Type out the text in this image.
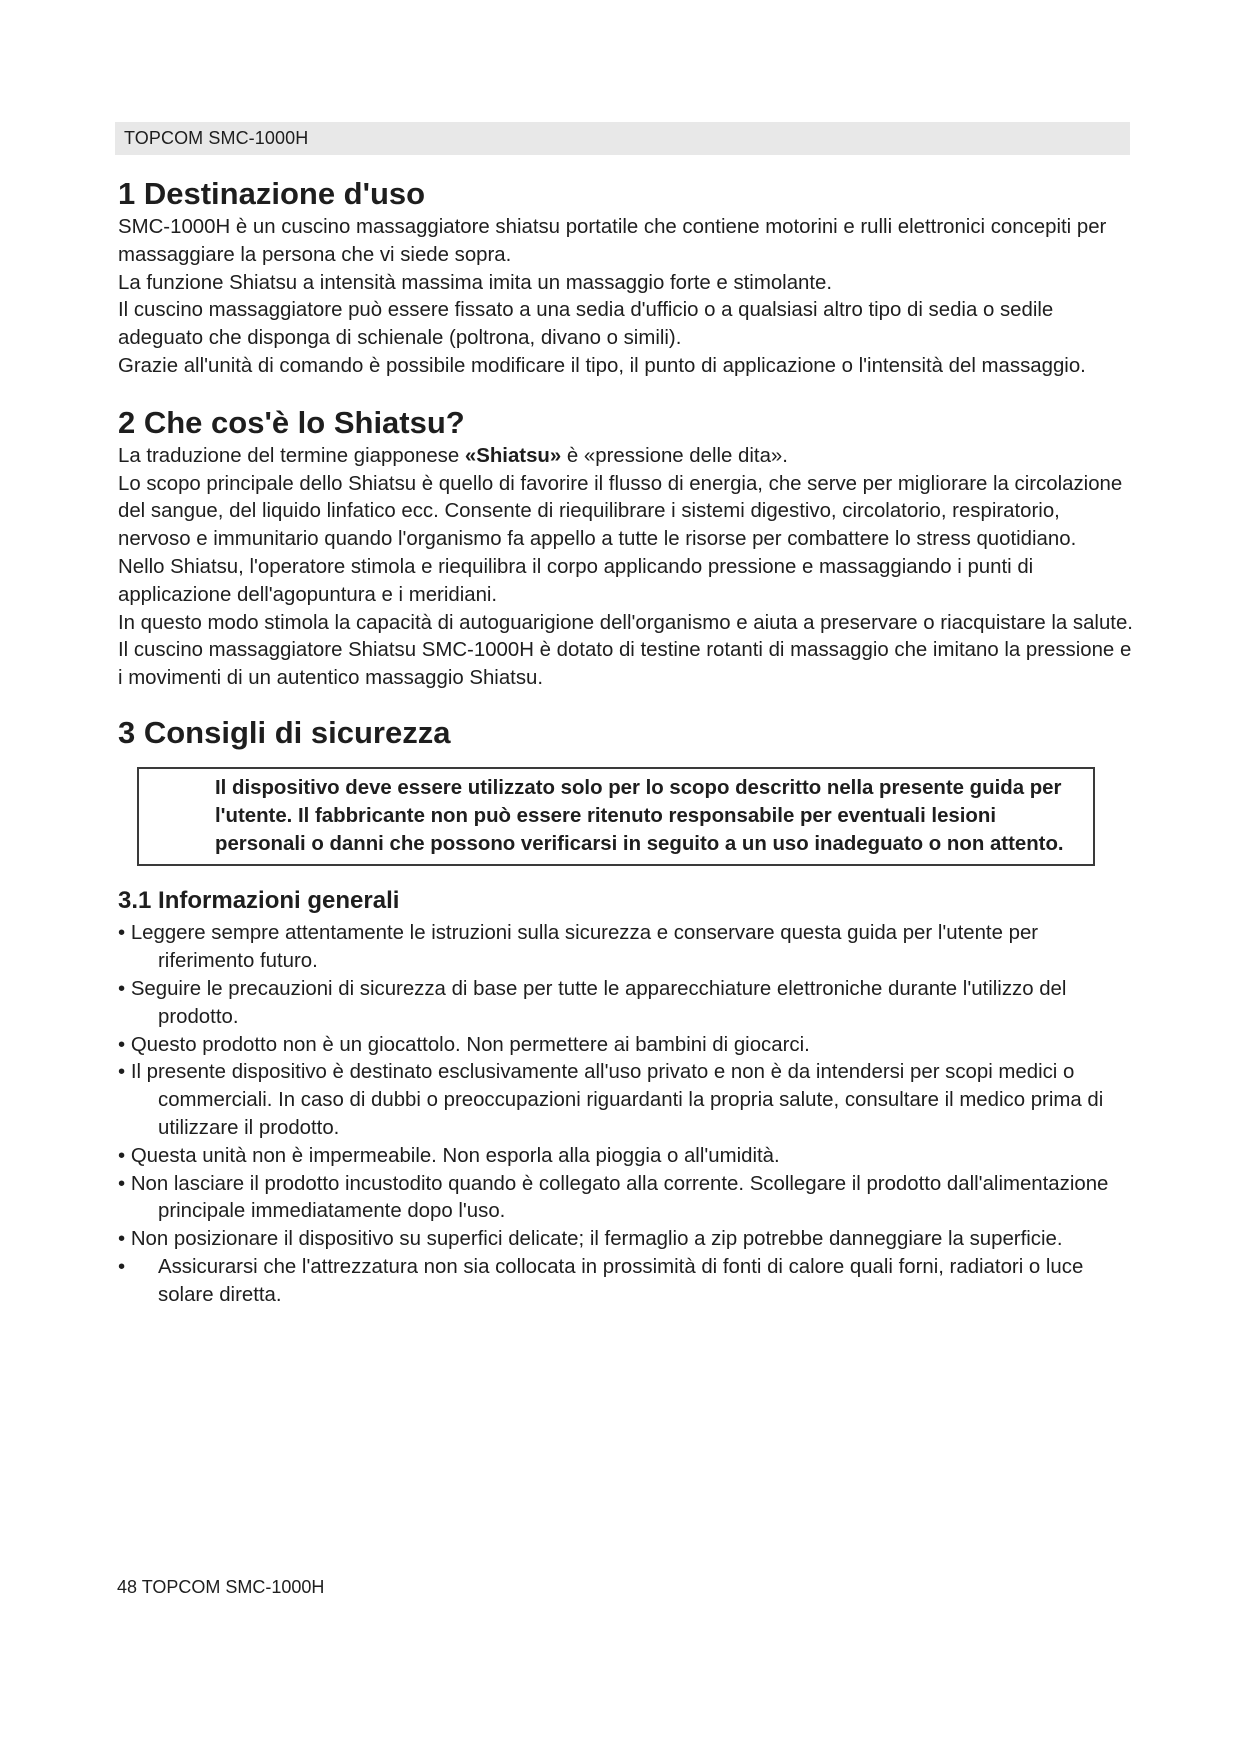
TOPCOM SMC-1000H
1 Destinazione d'uso

SMC-1000H è un cuscino massaggiatore shiatsu portatile che contiene motorini e rulli elettronici concepiti per massaggiare la persona che vi siede sopra.

La funzione Shiatsu a intensità massima imita un massaggio forte e stimolante.

Il cuscino massaggiatore può essere fissato a una sedia d'ufficio o a qualsiasi altro tipo di sedia o sedile adeguato che disponga di schienale (poltrona, divano o simili).

Grazie all'unità di comando è possibile modificare il tipo, il punto di applicazione o l'intensità del massaggio.

2 Che cos'è lo Shiatsu?

La traduzione del termine giapponese «Shiatsu» è «pressione delle dita».

Lo scopo principale dello Shiatsu è quello di favorire il flusso di energia, che serve per migliorare la circolazione del sangue, del liquido linfatico ecc. Consente di riequilibrare i sistemi digestivo, circolatorio, respiratorio, nervoso e immunitario quando l'organismo fa appello a tutte le risorse per combattere lo stress quotidiano.

Nello Shiatsu, l'operatore stimola e riequilibra il corpo applicando pressione e massaggiando i punti di applicazione dell'agopuntura e i meridiani.

In questo modo stimola la capacità di autoguarigione dell'organismo e aiuta a preservare o riacquistare la salute.

Il cuscino massaggiatore Shiatsu SMC-1000H è dotato di testine rotanti di massaggio che imitano la pressione e i movimenti di un autentico massaggio Shiatsu.

3 Consigli di sicurezza
Il dispositivo deve essere utilizzato solo per lo scopo descritto nella presente guida per l'utente. Il fabbricante non può essere ritenuto responsabile per eventuali lesioni personali o danni che possono verificarsi in seguito a un uso inadeguato o non attento.
3.1 Informazioni generali
• Leggere sempre attentamente le istruzioni sulla sicurezza e conservare questa guida per l'utente per riferimento futuro.
• Seguire le precauzioni di sicurezza di base per tutte le apparecchiature elettroniche durante l'utilizzo del prodotto.
• Questo prodotto non è un giocattolo. Non permettere ai bambini di giocarci.
• Il presente dispositivo è destinato esclusivamente all'uso privato e non è da intendersi per scopi medici o commerciali. In caso di dubbi o preoccupazioni riguardanti la propria salute, consultare il medico prima di utilizzare il prodotto.
• Questa unità non è impermeabile. Non esporla alla pioggia o all'umidità.
• Non lasciare il prodotto incustodito quando è collegato alla corrente. Scollegare il prodotto dall'alimentazione principale immediatamente dopo l'uso.
• Non posizionare il dispositivo su superfici delicate; il fermaglio a zip potrebbe danneggiare la superficie.
• Assicurarsi che l'attrezzatura non sia collocata in prossimità di fonti di calore quali forni, radiatori o luce solare diretta.
48 TOPCOM SMC-1000H
